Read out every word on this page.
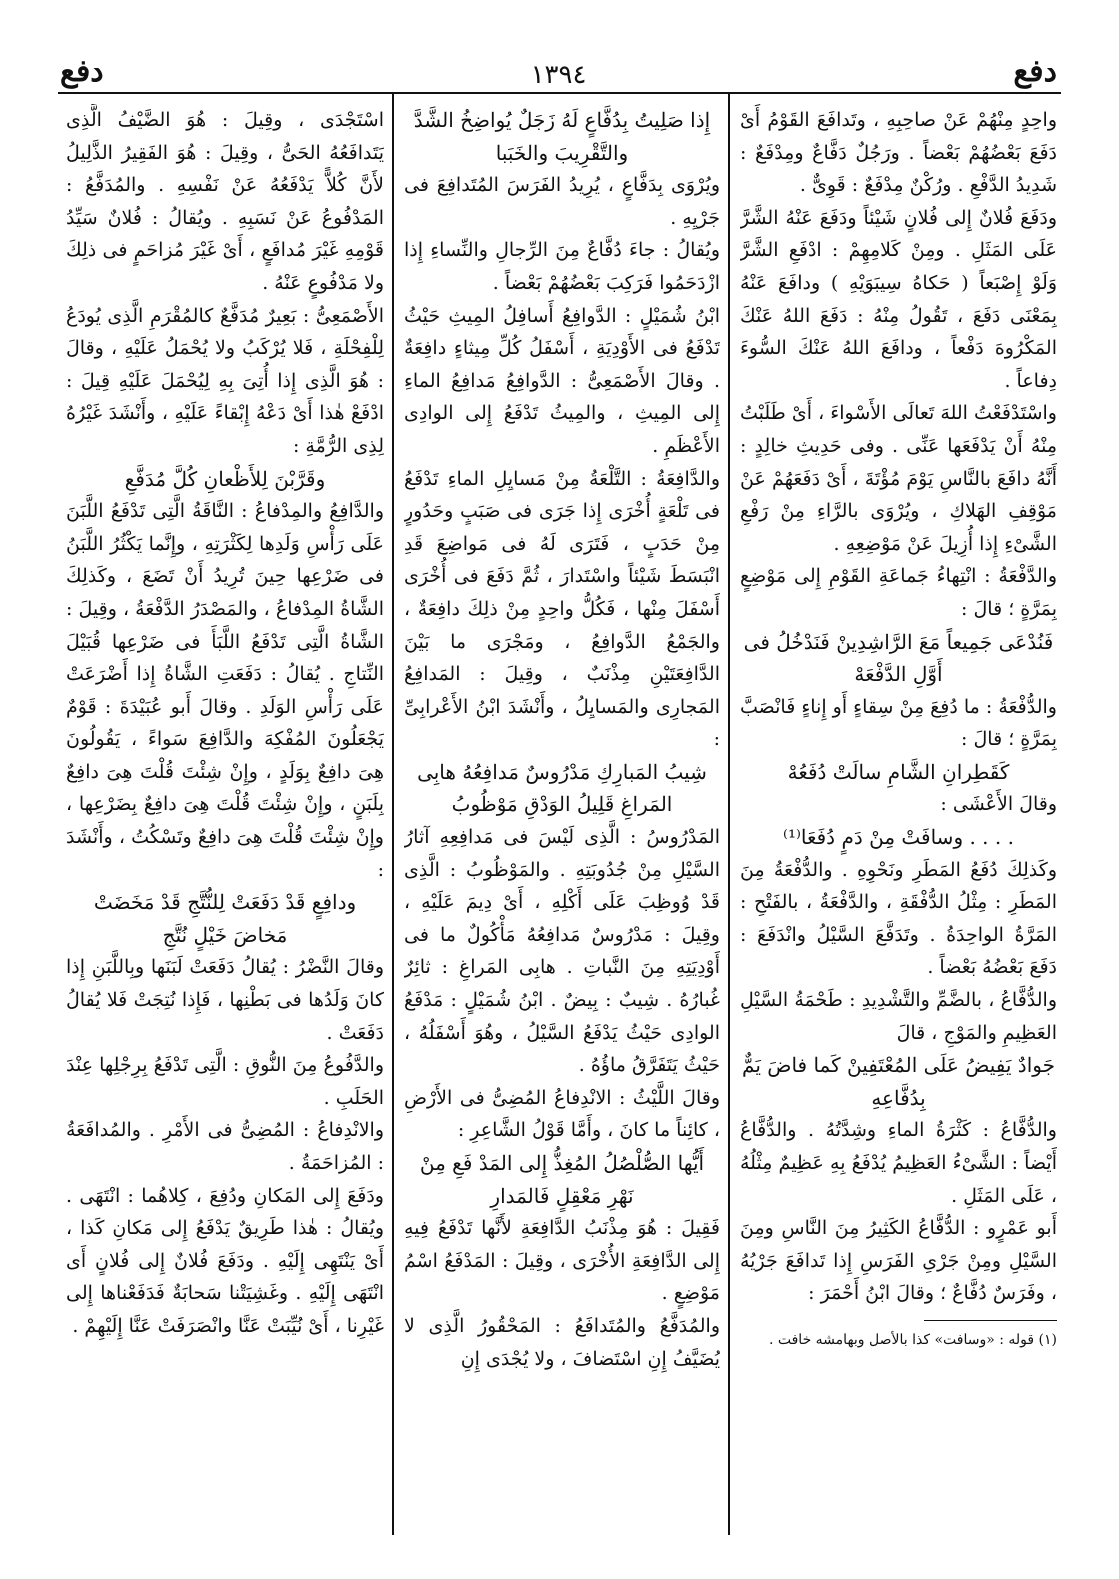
دفع
١٣٩٤
دفع

واحِدٍ مِنْهُمْ عَنْ صاحِبِهِ ، وتَدافَعَ القَوْمُ أَىْ دَفَعَ بَعْضُهُمْ بَعْضاً . ورَجُلٌ دَفَّاعٌ ومِدْفَعٌ : شَدِيدُ الدَّفْعِ . ورُكْنٌ مِدْفَعٌ : قَوِىٌّ .

ودَفَعَ فُلانٌ إِلى فُلانٍ شَيْئاً ودَفَعَ عَنْهُ الشَّرَّ عَلَى المَثَلِ . ومِنْ كَلامِهِمْ : ادْفَعِ الشَّرَّ وَلَوْ إِصْبَعاً ( حَكاهُ سِيبَوَيْهِ ) ودافَعَ عَنْهُ بِمَعْنَى دَفَعَ ، تَقُولُ مِنْهُ : دَفَعَ اللهُ عَنْكَ المَكْرُوهَ دَفْعاً ، ودافَعَ اللهُ عَنْكَ السُّوءَ دِفاعاً .

واسْتَدْفَعْتُ اللهَ تَعالَى الأَسْواءَ ، أَىْ طَلَبْتُ مِنْهُ أَنْ يَدْفَعَها عَنِّى . وفى حَدِيثِ خالِدٍ : أَنَّهُ دافَعَ بالنَّاسِ يَوْمَ مُؤْتَةَ ، أَىْ دَفَعَهُمْ عَنْ مَوْقِفِ الهَلاكِ ، ويُرْوَى بالرَّاءِ مِنْ رَفْعِ الشَّىْءِ إِذا أُزِيلَ عَنْ مَوْضِعِهِ .

والدَّفْعَةُ : انْتِهاءُ جَماعَةِ القَوْمِ إِلى مَوْضِعٍ بِمَرَّةٍ ؛ قالَ :

فَنُدْعَى جَمِيعاً مَعَ الرَّاشِدِينْ فَنَدْخُلُ فى أَوَّلِ الدَّفْعَهْ

والدُّفْعَةُ : ما دُفِعَ مِنْ سِقاءٍ أَو إِناءٍ فَانْصَبَّ بِمَرَّةٍ ؛ قالَ :

كَقَطِرانِ الشَّامِ سالَتْ دُفَعُهْ

وقالَ الأَعْشَى :

. . . . وسافَتْ مِنْ دَمٍ دُفَعَا⁽¹⁾

وكَذلِكَ دُفَعُ المَطَرِ ونَحْوِهِ . والدُّفْعَةُ مِنَ المَطَرِ : مِثْلُ الدُّفْقَةِ ، والدَّفْعَةُ ، بالفَتْحِ : المَرَّةُ الواحِدَةُ . وتَدَفَّعَ السَّيْلُ وانْدَفَعَ : دَفَعَ بَعْضُهُ بَعْضاً .

والدُّفَّاعُ ، بالضَّمِّ والتَّشْدِيدِ : طَحْمَةُ السَّيْلِ العَظِيمِ والمَوْجِ ، قالَ

جَوادٌ يَفِيضُ عَلَى المُعْتَفِينْ كَما فاضَ يَمٌّ بِدُفَّاعِهِ

والدُّفَّاعُ : كَثْرَةُ الماءِ وشِدَّتُهُ . والدُّفَّاعُ أَيْضاً : الشَّىْءُ العَظِيمُ يُدْفَعُ بِهِ عَظِيمٌ مِثْلُهُ ، عَلَى المَثَلِ .

أَبو عَمْرٍو : الدُّفَّاعُ الكَثِيرُ مِنَ النَّاسِ ومِنَ السَّيْلِ ومِنْ جَرْىِ الفَرَسِ إِذا تَدافَعَ جَرْيُهُ ، وفَرَسٌ دُفَّاعٌ ؛ وقالَ ابْنُ أَحْمَرَ :

(١) قوله : «وسافت» كذا بالأصل وبهامشه خافت .

إِذا صَلِيتُ بِدُفَّاعٍ لَهُ زَجَلٌ يُواضِخُ الشَّدَّ والتَّقْرِيبَ والخَبَبا

ويُرْوَى بِدَفَّاعٍ ، يُرِيدُ الفَرَسَ المُتَدافِعَ فى جَرْيِهِ .

ويُقالُ : جاءَ دُفَّاعٌ مِنَ الرِّجالِ والنِّساءِ إِذا ازْدَحَمُوا فَرَكِبَ بَعْضُهُمْ بَعْضاً .

ابْنُ شُمَيْلٍ : الدَّوافِعُ أَسافِلُ المِيثِ حَيْثُ تَدْفَعُ فى الأَوْدِيَةِ ، أَسْفَلُ كُلِّ مِيثاءٍ دافِعَةٌ . وقالَ الأَصْمَعِىُّ : الدَّوافِعُ مَدافِعُ الماءِ إِلى المِيثِ ، والمِيثُ تَدْفَعُ إِلى الوادِى الأَعْظَمِ .

والدَّافِعَةُ : التَّلْعَةُ مِنْ مَسايِلِ الماءِ تَدْفَعُ فى تَلْعَةٍ أُخْرَى إِذا جَرَى فى صَبَبٍ وحَدُورٍ مِنْ حَدَبٍ ، فَتَرَى لَهُ فى مَواضِعَ قَدِ انْبَسَطَ شَيْئاً واسْتَدارَ ، ثُمَّ دَفَعَ فى أُخْرَى أَسْفَلَ مِنْها ، فَكُلُّ واحِدٍ مِنْ ذلِكَ دافِعَةٌ ، والجَمْعُ الدَّوافِعُ ، ومَجْرَى ما بَيْنَ الدَّافِعَتَيْنِ مِذْنَبٌ ، وقِيلَ : المَدافِعُ المَجارِى والمَسايِلُ ، وأَنْشَدَ ابْنُ الأَعْرابِىِّ :

شِيبُ المَبارِكِ مَدْرُوسٌ مَدافِعُهُ هابِى المَراغِ قَلِيلُ الوَدْقِ مَوْظُوبُ

المَدْرُوسُ : الَّذِى لَيْسَ فى مَدافِعِهِ آثارُ السَّيْلِ مِنْ جُدُوبَتِهِ . والمَوْظُوبُ : الَّذِى قَدْ وُوظِبَ عَلَى أَكْلِهِ ، أَىْ دِيمَ عَلَيْهِ ، وقِيلَ : مَدْرُوسٌ مَدافِعُهُ مَأْكُولٌ ما فى أَوْدِيَتِهِ مِنَ النَّباتِ . هابِى المَراغِ : ثائِرٌ غُبارُهُ . شِيبٌ : بِيضٌ . ابْنُ شُمَيْلٍ : مَدْفَعُ الوادِى حَيْثُ يَدْفَعُ السَّيْلُ ، وهُوَ أَسْفَلُهُ ، حَيْثُ يَتَفَرَّقُ ماؤُهُ .

وقالَ اللَّيْثُ : الانْدِفاعُ المُضِىُّ فى الأَرْضِ ، كائِناً ما كانَ ، وأَمَّا قَوْلُ الشَّاعِرِ :

أَيُّها الصُّلْصُلُ المُغِذُّ إِلى المَدْ فَعِ مِنْ نَهْرِ مَعْقِلٍ فَالمَدارِ

فَقِيلَ : هُوَ مِذْنَبُ الدَّافِعَةِ لأَنَّها تَدْفَعُ فِيهِ إِلى الدَّافِعَةِ الأُخْرَى ، وقِيلَ : المَدْفَعُ اسْمُ مَوْضِعٍ .

والمُدَفَّعُ والمُتَدافَعُ : المَحْقُورُ الَّذِى لا يُضَيَّفُ إِنِ اسْتَضافَ ، ولا يُجْدَى إِنِ

اسْتَجْدَى ، وقِيلَ : هُوَ الضَّيْفُ الَّذِى يَتَدافَعُهُ الحَىُّ ، وقِيلَ : هُوَ الفَقِيرُ الذَّلِيلُ لأَنَّ كُلاًّ يَدْفَعُهُ عَنْ نَفْسِهِ . والمُدَفَّعُ : المَدْفُوعُ عَنْ نَسَبِهِ . ويُقالُ : فُلانٌ سَيِّدُ قَوْمِهِ غَيْرَ مُدافَعٍ ، أَىْ غَيْرَ مُزاحَمٍ فى ذلِكَ ولا مَدْفُوعٍ عَنْهُ .

الأَصْمَعِىُّ : بَعِيرٌ مُدَفَّعٌ كالمُقْرَمِ الَّذِى يُودَعُ لِلْفِحْلَةِ ، فَلا يُرْكَبُ ولا يُحْمَلُ عَلَيْهِ ، وقالَ : هُوَ الَّذِى إِذا أُتِىَ بِهِ لِيُحْمَلَ عَلَيْهِ قِيلَ : ادْفَعْ هٰذا أَىْ دَعْهُ إِبْقاءً عَلَيْهِ ، وأَنْشَدَ غَيْرُهُ لِذِى الرُّمَّةِ :

وقَرَّبْنَ لِلأَظْعانِ كُلَّ مُدَفَّعِ

والدَّافِعُ والمِدْفاعُ : النَّاقَةُ الَّتِى تَدْفَعُ اللَّبَنَ عَلَى رَأْسِ وَلَدِها لِكَثْرَتِهِ ، وإِنَّما يَكْثُرُ اللَّبَنُ فى ضَرْعِها حِينَ تُرِيدُ أَنْ تَضَعَ ، وكَذلِكَ الشَّاةُ المِدْفاعُ ، والمَصْدَرُ الدَّفْعَةُ ، وقِيلَ : الشَّاةُ الَّتِى تَدْفَعُ اللَّبَأَ فى ضَرْعِها قُبَيْلَ النِّتاجِ . يُقالُ : دَفَعَتِ الشَّاةُ إِذا أَضْرَعَتْ عَلَى رَأْسِ الوَلَدِ . وقالَ أَبو عُبَيْدَةَ : قَوْمٌ يَجْعَلُونَ المُفْكِهَ والدَّافِعَ سَواءً ، يَقُولُونَ هِىَ دافِعٌ بِوَلَدٍ ، وإِنْ شِئْتَ قُلْتَ هِىَ دافِعٌ بِلَبَنٍ ، وإِنْ شِئْتَ قُلْتَ هِىَ دافِعٌ بِضَرْعِها ، وإِنْ شِئْتَ قُلْتَ هِىَ دافِعٌ وتَسْكُتُ ، وأَنْشَدَ :

ودافِعٍ قَدْ دَفَعَتْ لِلنُّتَّجِ قَدْ مَخَضَتْ مَخاضَ خَيْلٍ نُتَّجِ

وقالَ النَّضْرُ : يُقالُ دَفَعَتْ لَبَنَها وبِاللَّبَنِ إِذا كانَ وَلَدُها فى بَطْنِها ، فَإِذا نُتِجَتْ فَلا يُقالُ دَفَعَتْ .

والدَّفُوعُ مِنَ النُّوقِ : الَّتِى تَدْفَعُ بِرِجْلِها عِنْدَ الحَلَبِ .

والانْدِفاعُ : المُضِىُّ فى الأَمْرِ . والمُدافَعَةُ : المُزاحَمَةُ .

ودَفَعَ إِلى المَكانِ ودُفِعَ ، كِلاهُما : انْتَهَى . ويُقالُ : هٰذا طَرِيقٌ يَدْفَعُ إِلى مَكانِ كَذا ، أَىْ يَنْتَهِى إِلَيْهِ . ودَفَعَ فُلانٌ إِلى فُلانٍ أَى انْتَهَى إِلَيْهِ . وغَشِيَتْنا سَحابَةٌ فَدَفَعْناها إِلى غَيْرِنا ، أَىْ نُيِّبَتْ عَنَّا وانْصَرَفَتْ عَنَّا إِلَيْهِمْ .
